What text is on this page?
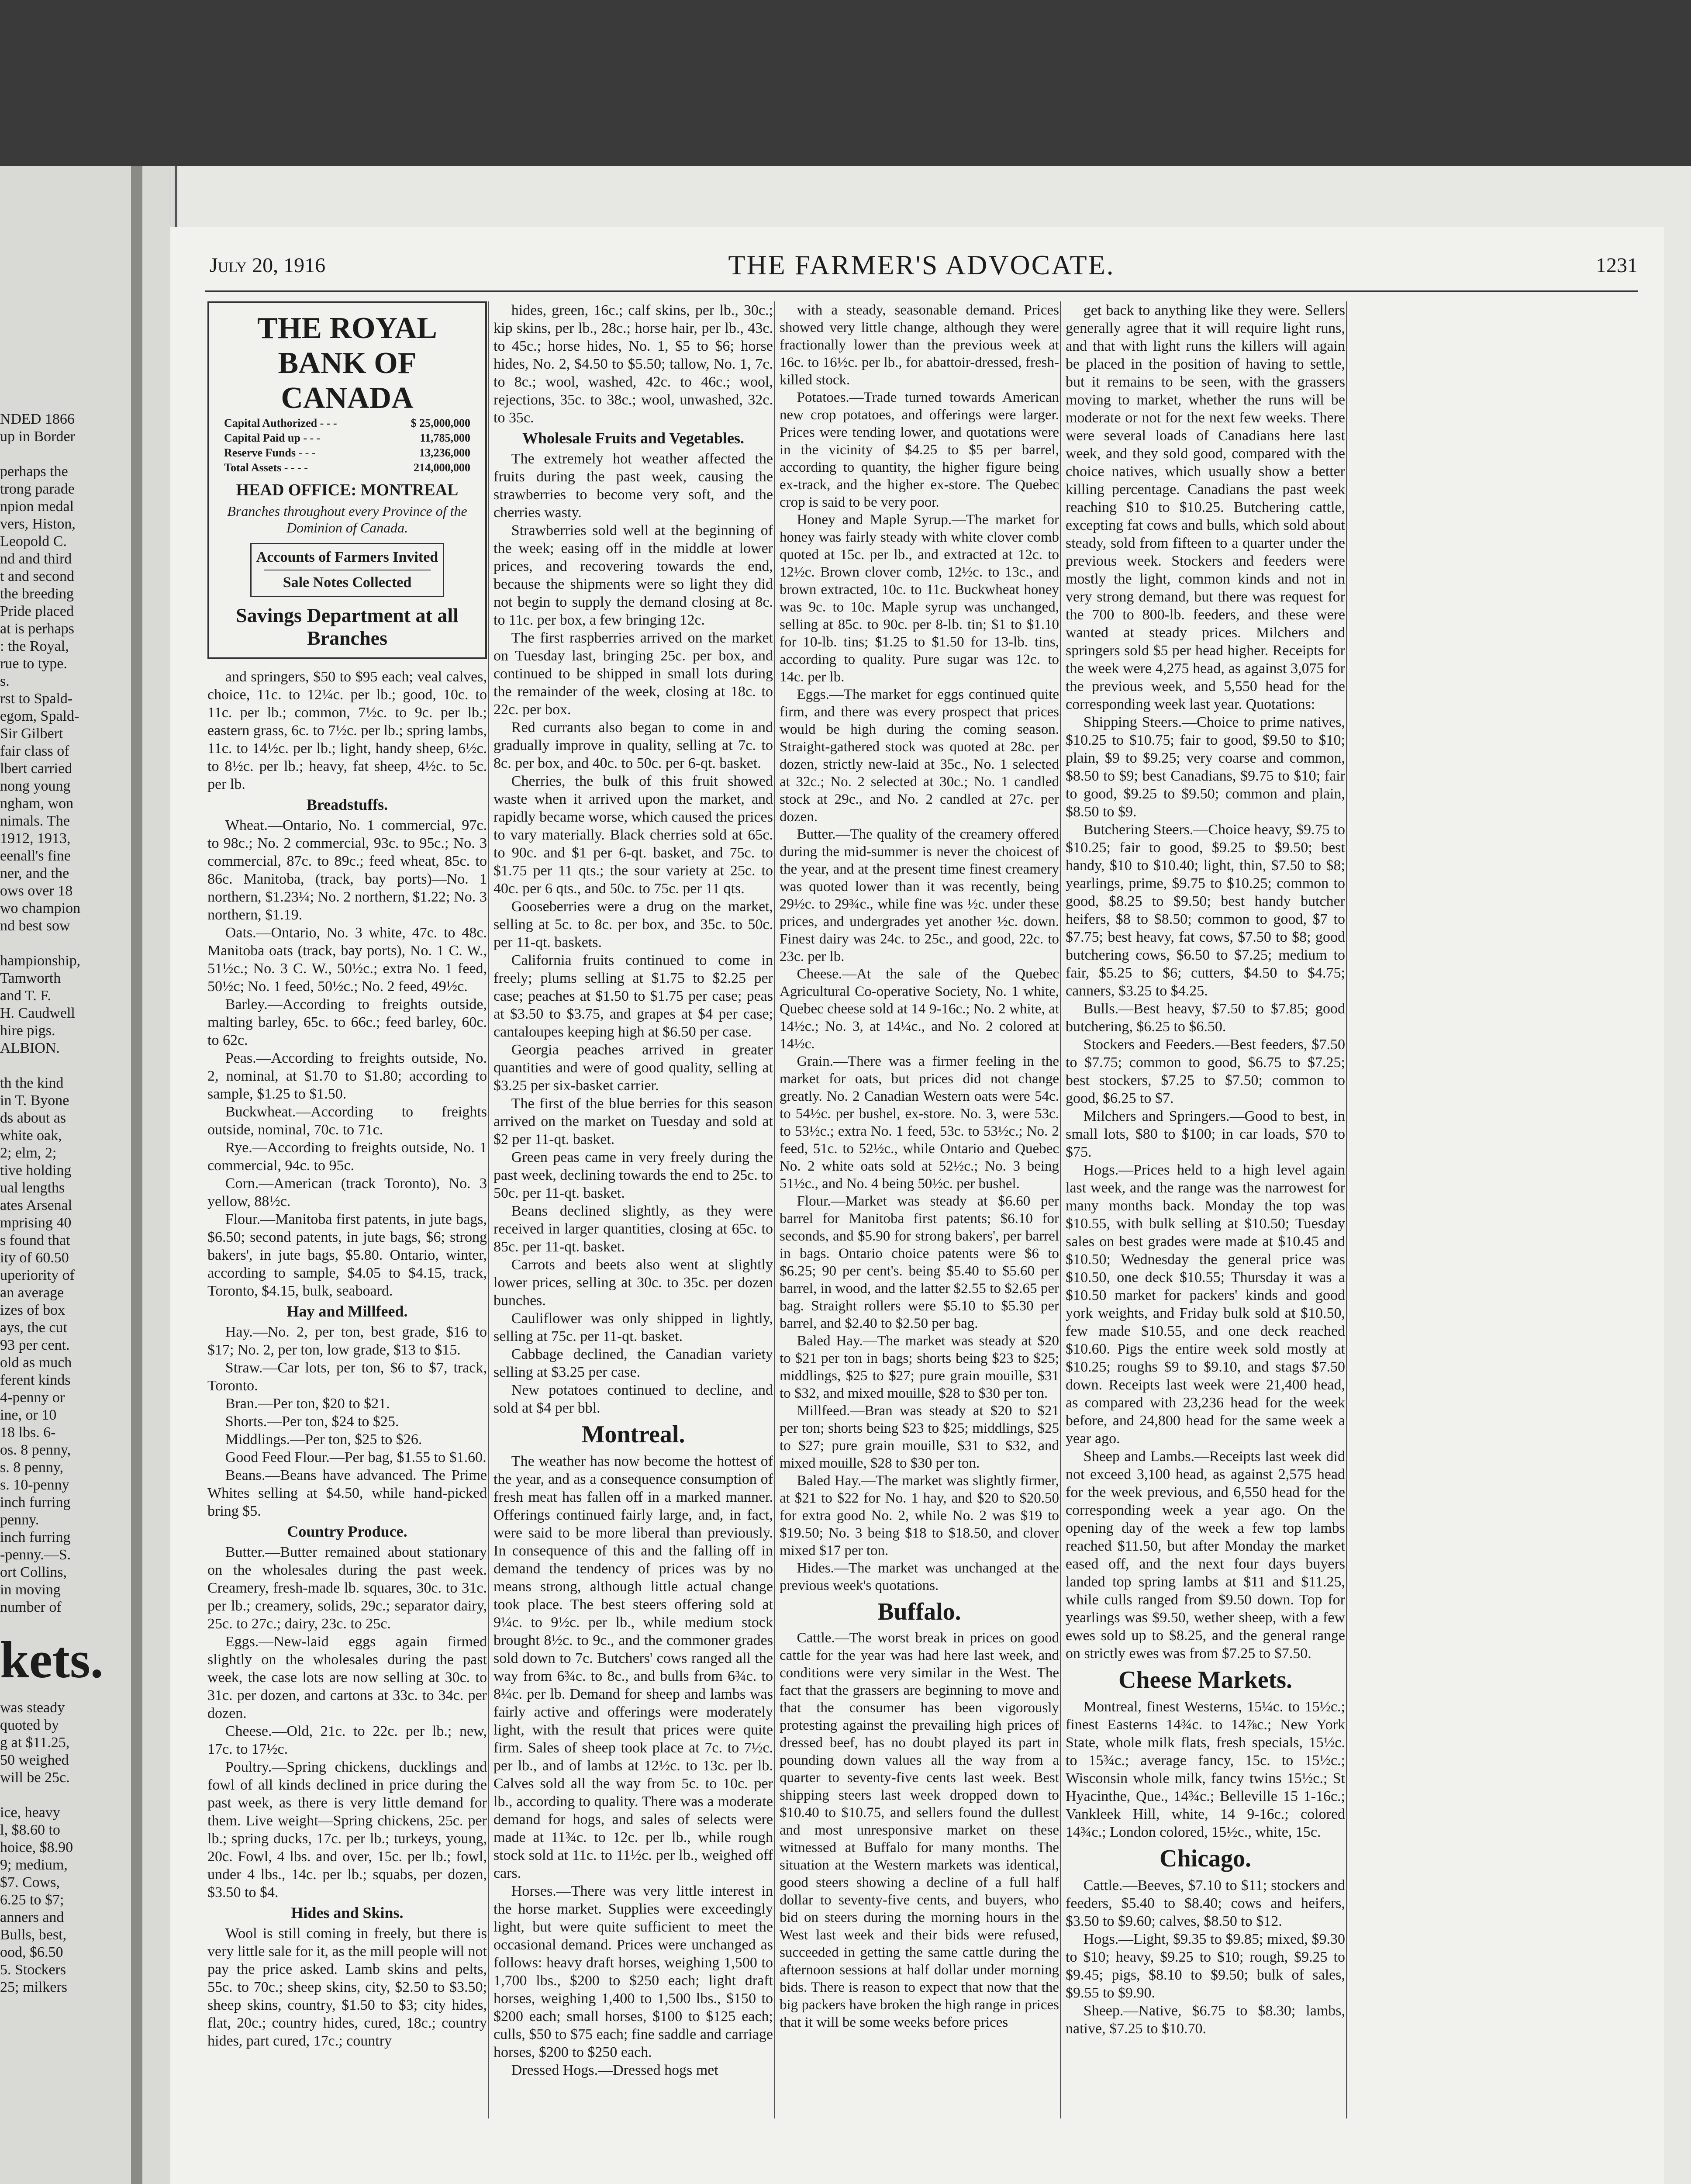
NDED 1866
up in Border

perhaps the
trong parade
npion medal
vers, Histon,
Leopold C.
nd and third
t and second
the breeding
Pride placed
at is perhaps
: the Royal,
rue to type.
s.
rst to Spald-
egom, Spald-
Sir Gilbert
fair class of
lbert carried
nong young
ngham, won
nimals. The
1912, 1913,
eenall's fine
ner, and the
ows over 18
wo champion
nd best sow

hampionship,
Tamworth
and T. F.
H. Caudwell
hire pigs.
ALBION.

th the kind
in T. Byone
ds about as
white oak,
2; elm, 2;
tive holding
ual lengths
ates Arsenal
mprising 40
s found that
ity of 60.50
uperiority of
an average
izes of box
ays, the cut
93 per cent.
old as much
ferent kinds
4-penny or
ine, or 10
18 lbs. 6-
os. 8 penny,
s. 8 penny,
s. 10-penny
inch furring
penny.
inch furring
-penny.—S.
ort Collins,
in moving
number of
kets.
was steady
quoted by
g at $11.25,
50 weighed
will be 25c.

ice, heavy
l, $8.60 to
hoice, $8.90
9; medium,
$7. Cows,
6.25 to $7;
anners and
Bulls, best,
ood, $6.50
5. Stockers
25; milkers
July 20, 1916	THE FARMER'S ADVOCATE.	1231
THE ROYAL BANK OF CANADA
Capital Authorized - - -	$ 25,000,000
Capital Paid up - - -	11,785,000
Reserve Funds - - -	13,236,000
Total Assets - - - -	214,000,000
HEAD OFFICE: MONTREAL
Branches throughout every Province of the Dominion of Canada.
Accounts of Farmers Invited
Sale Notes Collected
Savings Department at all Branches

and springers, $50 to $95 each; veal calves, choice, 11c. to 12¼c. per lb.; good, 10c. to 11c. per lb.; common, 7½c. to 9c. per lb.; eastern grass, 6c. to 7½c. per lb.; spring lambs, 11c. to 14½c. per lb.; light, handy sheep, 6½c. to 8½c. per lb.; heavy, fat sheep, 4½c. to 5c. per lb.

Breadstuffs.

Wheat.—Ontario, No. 1 commercial, 97c. to 98c.; No. 2 commercial, 93c. to 95c.; No. 3 commercial, 87c. to 89c.; feed wheat, 85c. to 86c. Manitoba, (track, bay ports)—No. 1 northern, $1.23¼; No. 2 northern, $1.22; No. 3 northern, $1.19.

Oats.—Ontario, No. 3 white, 47c. to 48c. Manitoba oats (track, bay ports), No. 1 C. W., 51½c.; No. 3 C. W., 50½c.; extra No. 1 feed, 50½c; No. 1 feed, 50½c.; No. 2 feed, 49½c.

Barley.—According to freights outside, malting barley, 65c. to 66c.; feed barley, 60c. to 62c.

Peas.—According to freights outside, No. 2, nominal, at $1.70 to $1.80; according to sample, $1.25 to $1.50.

Buckwheat.—According to freights outside, nominal, 70c. to 71c.

Rye.—According to freights outside, No. 1 commercial, 94c. to 95c.

Corn.—American (track Toronto), No. 3 yellow, 88½c.

Flour.—Manitoba first patents, in jute bags, $6.50; second patents, in jute bags, $6; strong bakers', in jute bags, $5.80. Ontario, winter, according to sample, $4.05 to $4.15, track, Toronto, $4.15, bulk, seaboard.

Hay and Millfeed.

Hay.—No. 2, per ton, best grade, $16 to $17; No. 2, per ton, low grade, $13 to $15.

Straw.—Car lots, per ton, $6 to $7, track, Toronto.

Bran.—Per ton, $20 to $21.

Shorts.—Per ton, $24 to $25.

Middlings.—Per ton, $25 to $26.

Good Feed Flour.—Per bag, $1.55 to $1.60.

Beans.—Beans have advanced. The Prime Whites selling at $4.50, while hand-picked bring $5.

Country Produce.

Butter.—Butter remained about stationary on the wholesales during the past week. Creamery, fresh-made lb. squares, 30c. to 31c. per lb.; creamery, solids, 29c.; separator dairy, 25c. to 27c.; dairy, 23c. to 25c.

Eggs.—New-laid eggs again firmed slightly on the wholesales during the past week, the case lots are now selling at 30c. to 31c. per dozen, and cartons at 33c. to 34c. per dozen.

Cheese.—Old, 21c. to 22c. per lb.; new, 17c. to 17½c.

Poultry.—Spring chickens, ducklings and fowl of all kinds declined in price during the past week, as there is very little demand for them. Live weight—Spring chickens, 25c. per lb.; spring ducks, 17c. per lb.; turkeys, young, 20c. Fowl, 4 lbs. and over, 15c. per lb.; fowl, under 4 lbs., 14c. per lb.; squabs, per dozen, $3.50 to $4.

Hides and Skins.

Wool is still coming in freely, but there is very little sale for it, as the mill people will not pay the price asked. Lamb skins and pelts, 55c. to 70c.; sheep skins, city, $2.50 to $3.50; sheep skins, country, $1.50 to $3; city hides, flat, 20c.; country hides, cured, 18c.; country hides, part cured, 17c.; country

hides, green, 16c.; calf skins, per lb., 30c.; kip skins, per lb., 28c.; horse hair, per lb., 43c. to 45c.; horse hides, No. 1, $5 to $6; horse hides, No. 2, $4.50 to $5.50; tallow, No. 1, 7c. to 8c.; wool, washed, 42c. to 46c.; wool, rejections, 35c. to 38c.; wool, unwashed, 32c. to 35c.

Wholesale Fruits and Vegetables.

The extremely hot weather affected the fruits during the past week, causing the strawberries to become very soft, and the cherries wasty.

Strawberries sold well at the beginning of the week; easing off in the middle at lower prices, and recovering towards the end, because the shipments were so light they did not begin to supply the demand closing at 8c. to 11c. per box, a few bringing 12c.

The first raspberries arrived on the market on Tuesday last, bringing 25c. per box, and continued to be shipped in small lots during the remainder of the week, closing at 18c. to 22c. per box.

Red currants also began to come in and gradually improve in quality, selling at 7c. to 8c. per box, and 40c. to 50c. per 6-qt. basket.

Cherries, the bulk of this fruit showed waste when it arrived upon the market, and rapidly became worse, which caused the prices to vary materially. Black cherries sold at 65c. to 90c. and $1 per 6-qt. basket, and 75c. to $1.75 per 11 qts.; the sour variety at 25c. to 40c. per 6 qts., and 50c. to 75c. per 11 qts.

Gooseberries were a drug on the market, selling at 5c. to 8c. per box, and 35c. to 50c. per 11-qt. baskets.

California fruits continued to come in freely; plums selling at $1.75 to $2.25 per case; peaches at $1.50 to $1.75 per case; peas at $3.50 to $3.75, and grapes at $4 per case; cantaloupes keeping high at $6.50 per case.

Georgia peaches arrived in greater quantities and were of good quality, selling at $3.25 per six-basket carrier.

The first of the blue berries for this season arrived on the market on Tuesday and sold at $2 per 11-qt. basket.

Green peas came in very freely during the past week, declining towards the end to 25c. to 50c. per 11-qt. basket.

Beans declined slightly, as they were received in larger quantities, closing at 65c. to 85c. per 11-qt. basket.

Carrots and beets also went at slightly lower prices, selling at 30c. to 35c. per dozen bunches.

Cauliflower was only shipped in lightly, selling at 75c. per 11-qt. basket.

Cabbage declined, the Canadian variety selling at $3.25 per case.

New potatoes continued to decline, and sold at $4 per bbl.

Montreal.

The weather has now become the hottest of the year, and as a consequence consumption of fresh meat has fallen off in a marked manner. Offerings continued fairly large, and, in fact, were said to be more liberal than previously. In consequence of this and the falling off in demand the tendency of prices was by no means strong, although little actual change took place. The best steers offering sold at 9¼c. to 9½c. per lb., while medium stock brought 8½c. to 9c., and the commoner grades sold down to 7c. Butchers' cows ranged all the way from 6¾c. to 8c., and bulls from 6¾c. to 8¼c. per lb. Demand for sheep and lambs was fairly active and offerings were moderately light, with the result that prices were quite firm. Sales of sheep took place at 7c. to 7½c. per lb., and of lambs at 12½c. to 13c. per lb. Calves sold all the way from 5c. to 10c. per lb., according to quality. There was a moderate demand for hogs, and sales of selects were made at 11¾c. to 12c. per lb., while rough stock sold at 11c. to 11½c. per lb., weighed off cars.

Horses.—There was very little interest in the horse market. Supplies were exceedingly light, but were quite sufficient to meet the occasional demand. Prices were unchanged as follows: heavy draft horses, weighing 1,500 to 1,700 lbs., $200 to $250 each; light draft horses, weighing 1,400 to 1,500 lbs., $150 to $200 each; small horses, $100 to $125 each; culls, $50 to $75 each; fine saddle and carriage horses, $200 to $250 each.

Dressed Hogs.—Dressed hogs met

with a steady, seasonable demand. Prices showed very little change, although they were fractionally lower than the previous week at 16c. to 16½c. per lb., for abattoir-dressed, fresh-killed stock.

Potatoes.—Trade turned towards American new crop potatoes, and offerings were larger. Prices were tending lower, and quotations were in the vicinity of $4.25 to $5 per barrel, according to quantity, the higher figure being ex-track, and the higher ex-store. The Quebec crop is said to be very poor.

Honey and Maple Syrup.—The market for honey was fairly steady with white clover comb quoted at 15c. per lb., and extracted at 12c. to 12½c. Brown clover comb, 12½c. to 13c., and brown extracted, 10c. to 11c. Buckwheat honey was 9c. to 10c. Maple syrup was unchanged, selling at 85c. to 90c. per 8-lb. tin; $1 to $1.10 for 10-lb. tins; $1.25 to $1.50 for 13-lb. tins, according to quality. Pure sugar was 12c. to 14c. per lb.

Eggs.—The market for eggs continued quite firm, and there was every prospect that prices would be high during the coming season. Straight-gathered stock was quoted at 28c. per dozen, strictly new-laid at 35c., No. 1 selected at 32c.; No. 2 selected at 30c.; No. 1 candled stock at 29c., and No. 2 candled at 27c. per dozen.

Butter.—The quality of the creamery offered during the mid-summer is never the choicest of the year, and at the present time finest creamery was quoted lower than it was recently, being 29½c. to 29¾c., while fine was ½c. under these prices, and undergrades yet another ½c. down. Finest dairy was 24c. to 25c., and good, 22c. to 23c. per lb.

Cheese.—At the sale of the Quebec Agricultural Co-operative Society, No. 1 white, Quebec cheese sold at 14 9-16c.; No. 2 white, at 14½c.; No. 3, at 14¼c., and No. 2 colored at 14½c.

Grain.—There was a firmer feeling in the market for oats, but prices did not change greatly. No. 2 Canadian Western oats were 54c. to 54½c. per bushel, ex-store. No. 3, were 53c. to 53½c.; extra No. 1 feed, 53c. to 53½c.; No. 2 feed, 51c. to 52½c., while Ontario and Quebec No. 2 white oats sold at 52½c.; No. 3 being 51½c., and No. 4 being 50½c. per bushel.

Flour.—Market was steady at $6.60 per barrel for Manitoba first patents; $6.10 for seconds, and $5.90 for strong bakers', per barrel in bags. Ontario choice patents were $6 to $6.25; 90 per cent's. being $5.40 to $5.60 per barrel, in wood, and the latter $2.55 to $2.65 per bag. Straight rollers were $5.10 to $5.30 per barrel, and $2.40 to $2.50 per bag.

Baled Hay.—The market was steady at $20 to $21 per ton in bags; shorts being $23 to $25; middlings, $25 to $27; pure grain mouille, $31 to $32, and mixed mouille, $28 to $30 per ton.

Millfeed.—Bran was steady at $20 to $21 per ton; shorts being $23 to $25; middlings, $25 to $27; pure grain mouille, $31 to $32, and mixed mouille, $28 to $30 per ton.

Baled Hay.—The market was slightly firmer, at $21 to $22 for No. 1 hay, and $20 to $20.50 for extra good No. 2, while No. 2 was $19 to $19.50; No. 3 being $18 to $18.50, and clover mixed $17 per ton.

Hides.—The market was unchanged at the previous week's quotations.

Buffalo.

Cattle.—The worst break in prices on good cattle for the year was had here last week, and conditions were very similar in the West. The fact that the grassers are beginning to move and that the consumer has been vigorously protesting against the prevailing high prices of dressed beef, has no doubt played its part in pounding down values all the way from a quarter to seventy-five cents last week. Best shipping steers last week dropped down to $10.40 to $10.75, and sellers found the dullest and most unresponsive market on these witnessed at Buffalo for many months. The situation at the Western markets was identical, good steers showing a decline of a full half dollar to seventy-five cents, and buyers, who bid on steers during the morning hours in the West last week and their bids were refused, succeeded in getting the same cattle during the afternoon sessions at half dollar under morning bids. There is reason to expect that now that the big packers have broken the high range in prices that it will be some weeks before prices

get back to anything like they were. Sellers generally agree that it will require light runs, and that with light runs the killers will again be placed in the position of having to settle, but it remains to be seen, with the grassers moving to market, whether the runs will be moderate or not for the next few weeks. There were several loads of Canadians here last week, and they sold good, compared with the choice natives, which usually show a better killing percentage. Canadians the past week reaching $10 to $10.25. Butchering cattle, excepting fat cows and bulls, which sold about steady, sold from fifteen to a quarter under the previous week. Stockers and feeders were mostly the light, common kinds and not in very strong demand, but there was request for the 700 to 800-lb. feeders, and these were wanted at steady prices. Milchers and springers sold $5 per head higher. Receipts for the week were 4,275 head, as against 3,075 for the previous week, and 5,550 head for the corresponding week last year. Quotations:

Shipping Steers.—Choice to prime natives, $10.25 to $10.75; fair to good, $9.50 to $10; plain, $9 to $9.25; very coarse and common, $8.50 to $9; best Canadians, $9.75 to $10; fair to good, $9.25 to $9.50; common and plain, $8.50 to $9.

Butchering Steers.—Choice heavy, $9.75 to $10.25; fair to good, $9.25 to $9.50; best handy, $10 to $10.40; light, thin, $7.50 to $8; yearlings, prime, $9.75 to $10.25; common to good, $8.25 to $9.50; best handy butcher heifers, $8 to $8.50; common to good, $7 to $7.75; best heavy, fat cows, $7.50 to $8; good butchering cows, $6.50 to $7.25; medium to fair, $5.25 to $6; cutters, $4.50 to $4.75; canners, $3.25 to $4.25.

Bulls.—Best heavy, $7.50 to $7.85; good butchering, $6.25 to $6.50.

Stockers and Feeders.—Best feeders, $7.50 to $7.75; common to good, $6.75 to $7.25; best stockers, $7.25 to $7.50; common to good, $6.25 to $7.

Milchers and Springers.—Good to best, in small lots, $80 to $100; in car loads, $70 to $75.

Hogs.—Prices held to a high level again last week, and the range was the narrowest for many months back. Monday the top was $10.55, with bulk selling at $10.50; Tuesday sales on best grades were made at $10.45 and $10.50; Wednesday the general price was $10.50, one deck $10.55; Thursday it was a $10.50 market for packers' kinds and good york weights, and Friday bulk sold at $10.50, few made $10.55, and one deck reached $10.60. Pigs the entire week sold mostly at $10.25; roughs $9 to $9.10, and stags $7.50 down. Receipts last week were 21,400 head, as compared with 23,236 head for the week before, and 24,800 head for the same week a year ago.

Sheep and Lambs.—Receipts last week did not exceed 3,100 head, as against 2,575 head for the week previous, and 6,550 head for the corresponding week a year ago. On the opening day of the week a few top lambs reached $11.50, but after Monday the market eased off, and the next four days buyers landed top spring lambs at $11 and $11.25, while culls ranged from $9.50 down. Top for yearlings was $9.50, wether sheep, with a few ewes sold up to $8.25, and the general range on strictly ewes was from $7.25 to $7.50.

Cheese Markets.

Montreal, finest Westerns, 15¼c. to 15½c.; finest Easterns 14¾c. to 14⅞c.; New York State, whole milk flats, fresh specials, 15½c. to 15¾c.; average fancy, 15c. to 15½c.; Wisconsin whole milk, fancy twins 15½c.; St Hyacinthe, Que., 14¾c.; Belleville 15 1-16c.; Vankleek Hill, white, 14 9-16c.; colored 14¾c.; London colored, 15½c., white, 15c.

Chicago.

Cattle.—Beeves, $7.10 to $11; stockers and feeders, $5.40 to $8.40; cows and heifers, $3.50 to $9.60; calves, $8.50 to $12.

Hogs.—Light, $9.35 to $9.85; mixed, $9.30 to $10; heavy, $9.25 to $10; rough, $9.25 to $9.45; pigs, $8.10 to $9.50; bulk of sales, $9.55 to $9.90.

Sheep.—Native, $6.75 to $8.30; lambs, native, $7.25 to $10.70.
